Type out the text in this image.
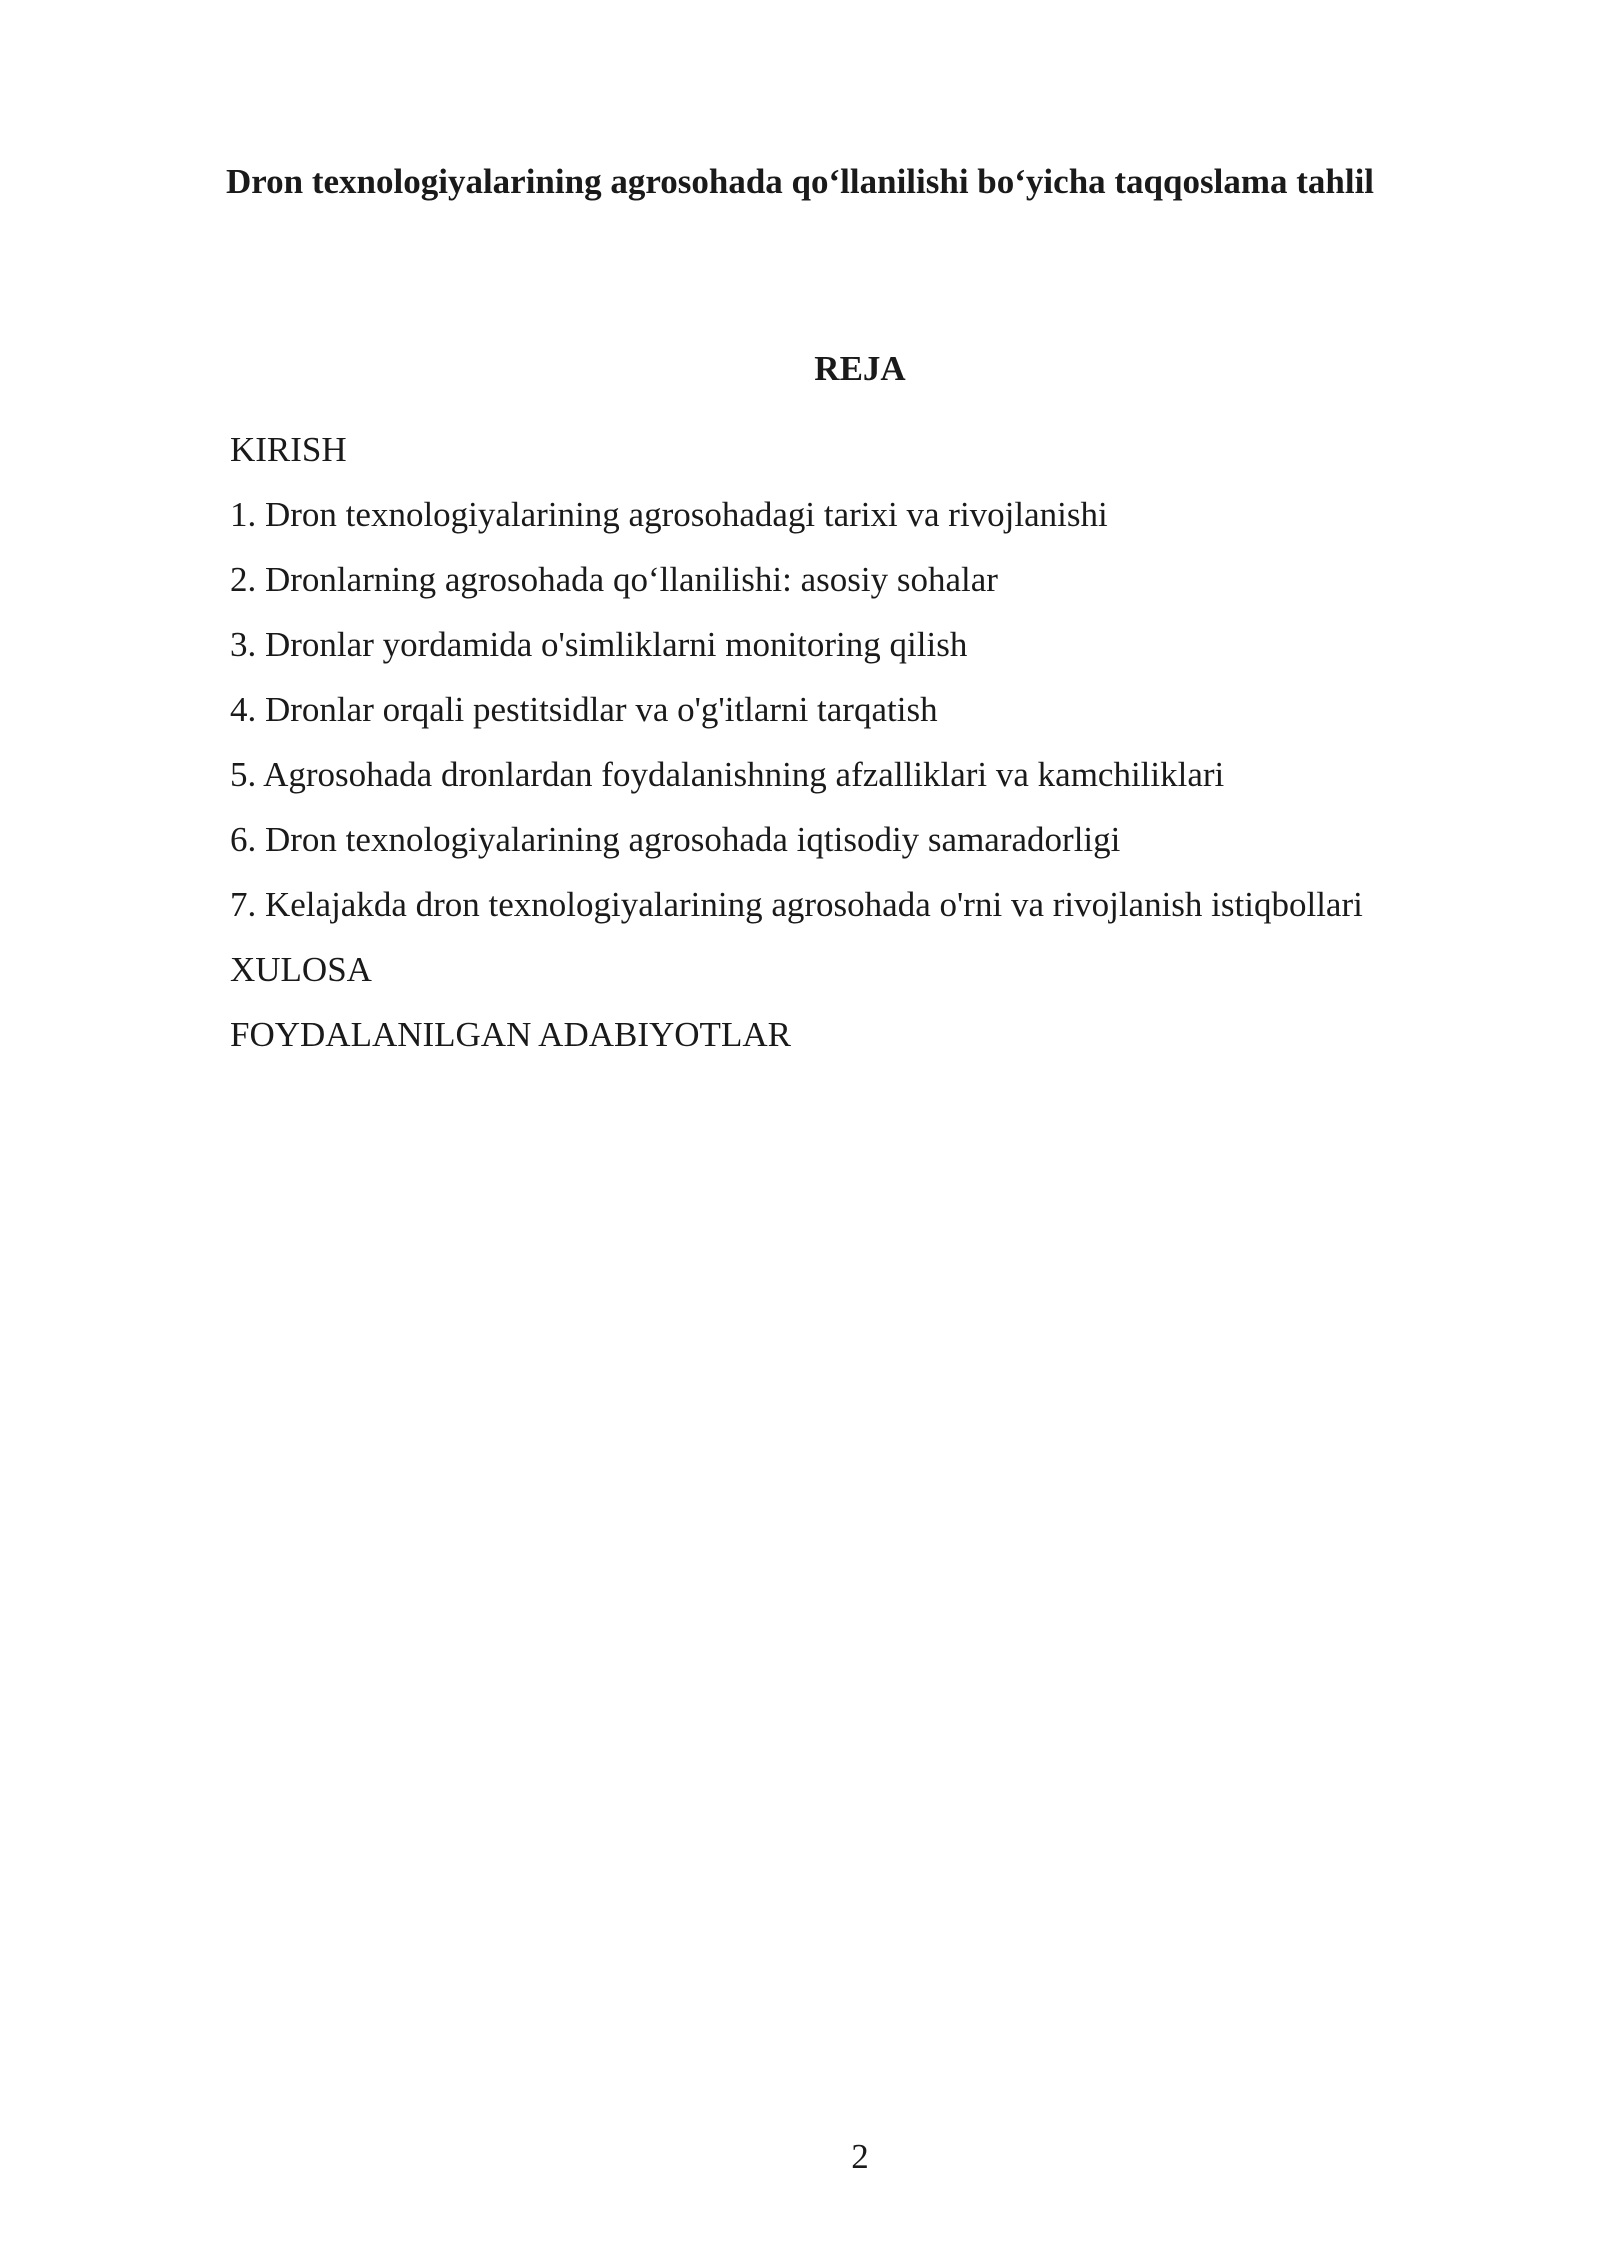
Dron texnologiyalarining agrosohada qo‘llanilishi bo‘yicha taqqoslama tahlil
REJA
KIRISH
1. Dron texnologiyalarining agrosohadagi tarixi va rivojlanishi
2. Dronlarning agrosohada qo‘llanilishi: asosiy sohalar
3. Dronlar yordamida o'simliklarni monitoring qilish
4. Dronlar orqali pestitsidlar va o'g'itlarni tarqatish
5. Agrosohada dronlardan foydalanishning afzalliklari va kamchiliklari
6. Dron texnologiyalarining agrosohada iqtisodiy samaradorligi
7. Kelajakda dron texnologiyalarining agrosohada o'rni va rivojlanish istiqbollari
XULOSA
FOYDALANILGAN ADABIYOTLAR
2
